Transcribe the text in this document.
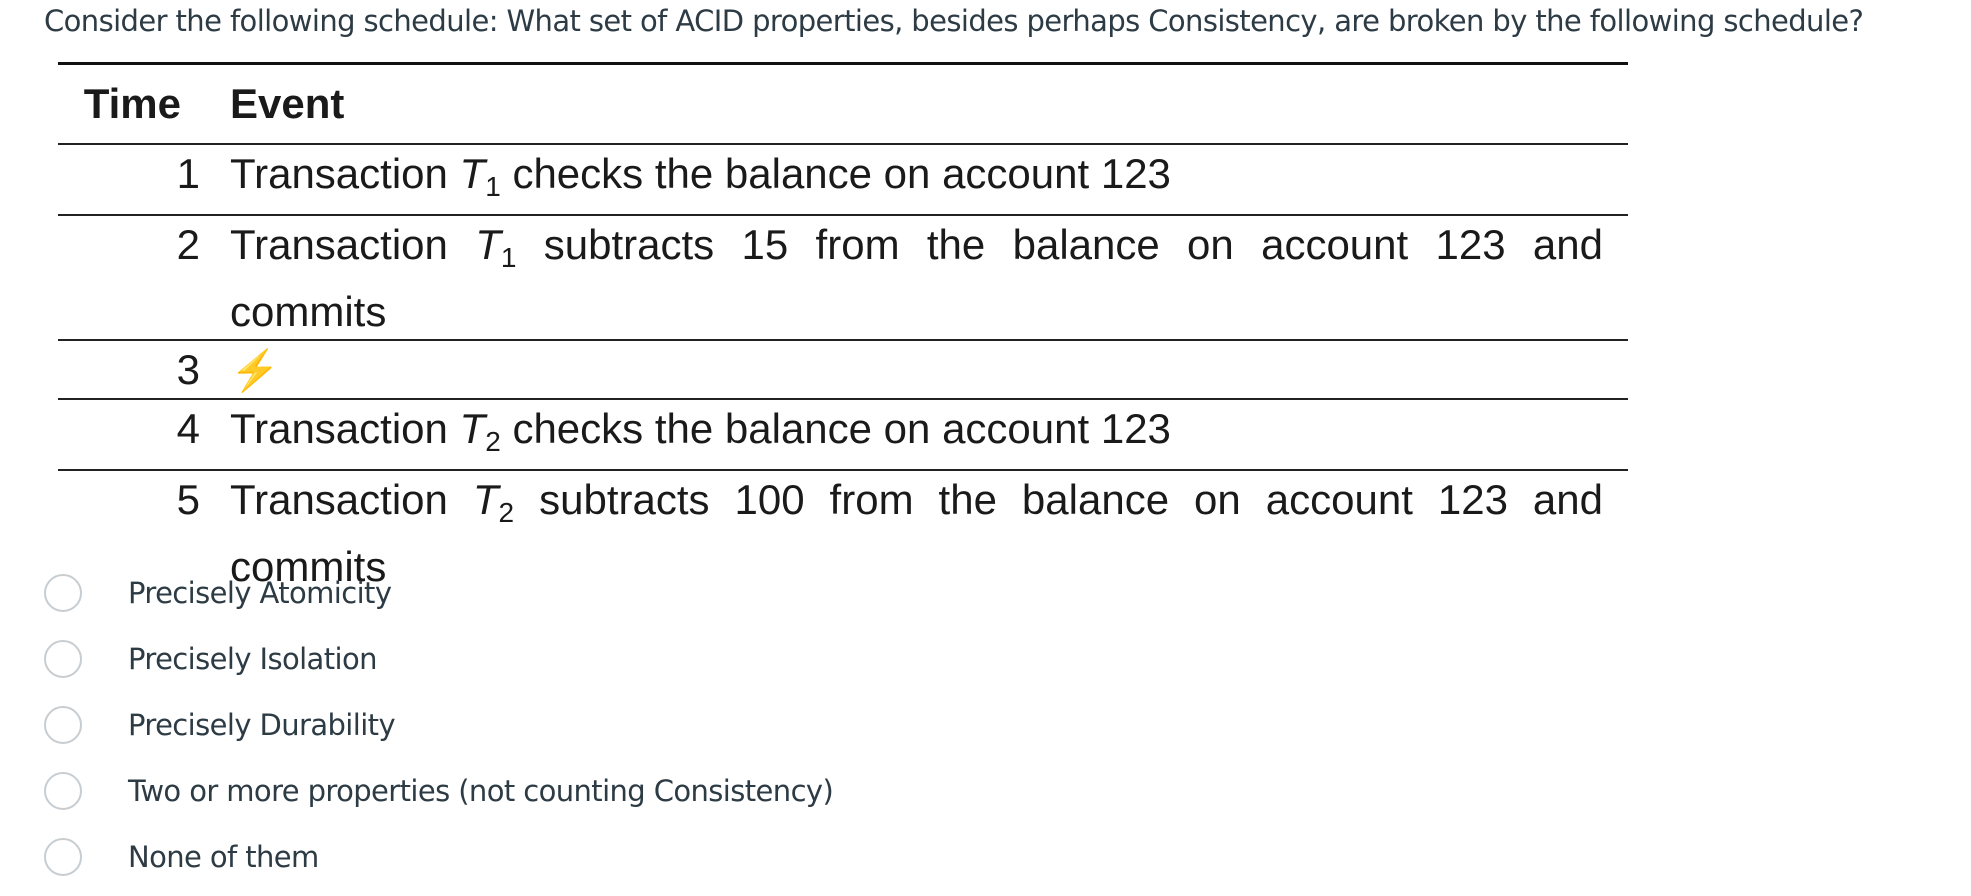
Consider the following schedule: What set of ACID properties, besides perhaps Consistency, are broken by the following schedule?
Time	Event
1 Transaction $T_1$ checks the balance on account 123
2 Transaction $T_1$ subtracts 15 from the balance on account 123 and commits
3 ⚡
4 Transaction $T_2$ checks the balance on account 123
5 Transaction $T_2$ subtracts 100 from the balance on account 123 and commits
Precisely Atomicity
Precisely Isolation
Precisely Durability
Two or more properties (not counting Consistency)
None of them
